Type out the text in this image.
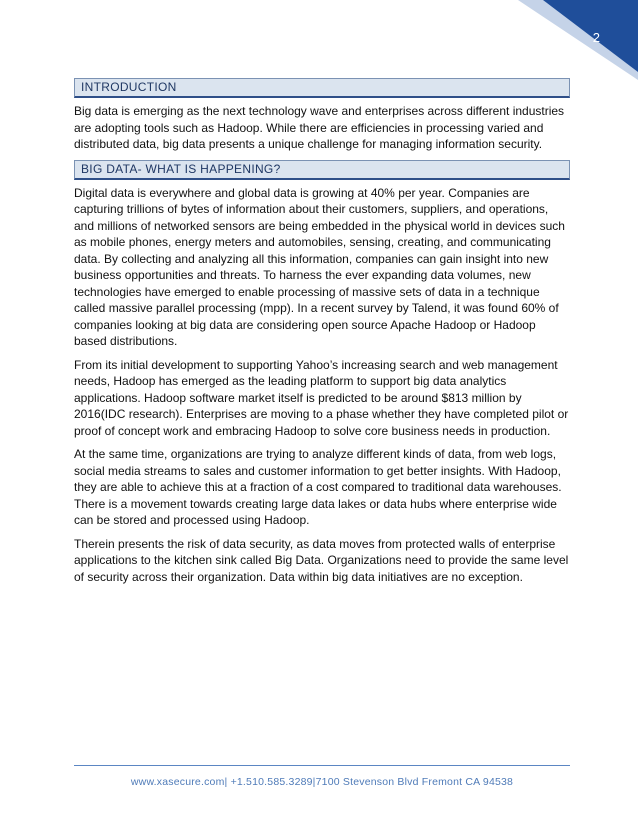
2
INTRODUCTION

Big data is emerging as the next technology wave and enterprises across different industries are adopting tools such as Hadoop. While there are efficiencies in processing varied and distributed data, big data presents a unique challenge for managing information security.

BIG DATA- WHAT IS HAPPENING?

Digital data is everywhere and global data is growing at 40% per year. Companies are capturing trillions of bytes of information about their customers, suppliers, and operations, and millions of networked sensors are being embedded in the physical world in devices such as mobile phones, energy meters and automobiles, sensing, creating, and communicating data. By collecting and analyzing all this information, companies can gain insight into new business opportunities and threats. To harness the ever expanding data volumes, new technologies have emerged to enable processing of massive sets of data in a technique called massive parallel processing (mpp). In a recent survey by Talend, it was found 60% of companies looking at big data are considering open source Apache Hadoop or Hadoop based distributions.

From its initial development to supporting Yahoo’s increasing search and web management needs, Hadoop has emerged as the leading platform to support big data analytics applications. Hadoop software market itself is predicted to be around $813 million by 2016(IDC research). Enterprises are moving to a phase whether they have completed pilot or proof of concept work and embracing Hadoop to solve core business needs in production.

At the same time, organizations are trying to analyze different kinds of data, from web logs, social media streams to sales and customer information to get better insights. With Hadoop, they are able to achieve this at a fraction of a cost compared to traditional data warehouses. There is a movement towards creating large data lakes or data hubs where enterprise wide can be stored and processed using Hadoop.

Therein presents the risk of data security, as data moves from protected walls of enterprise applications to the kitchen sink called Big Data. Organizations need to provide the same level of security across their organization. Data within big data initiatives are no exception.

www.xasecure.com| +1.510.585.3289|7100 Stevenson Blvd Fremont CA 94538
